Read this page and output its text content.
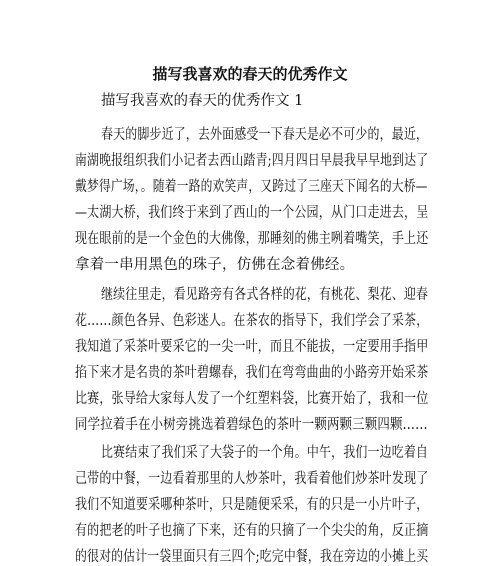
描写我喜欢的春天的优秀作文
描写我喜欢的春天的优秀作文 1
春天的脚步近了，去外面感受一下春天是必不可少的，最近，
南湖晚报组织我们小记者去西山踏青;四月四日早晨我早早地到达了
戴梦得广场，。随着一路的欢笑声，又跨过了三座天下闻名的大桥—
—太湖大桥，我们终于来到了西山的一个公园，从门口走进去，呈
现在眼前的是一个金色的大佛像，那睡刻的佛主咧着嘴笑，手上还
拿着一串用黑色的珠子，仿佛在念着佛经。
继续往里走，看见路旁有各式各样的花，有桃花、梨花、迎春
花……颜色各异、色彩迷人。在茶农的指导下，我们学会了采茶，
我知道了采茶叶要采它的一尖一叶，而且不能拔，一定要用手指甲
掐下来才是名贵的茶叶碧螺春，我们在弯弯曲曲的小路旁开始采茶
比赛，张导给大家每人发了一个红塑料袋，比赛开始了，我和一位
同学拉着手在小树旁挑选着碧绿色的茶叶一颗两颗三颗四颗……
比赛结束了我们采了大袋子的一个角。中午，我们一边吃着自
己带的中餐，一边看着那里的人炒茶叶，我看着他们炒茶叶发现了
我们不知道要采哪种茶叶，只是随便采采，有的只是一小片叶子，
有的把老的叶子也摘了下来，还有的只摘了一个尖尖的角，反正摘
的很对的估计一袋里面只有三四个;吃完中餐，我在旁边的小摊上买
